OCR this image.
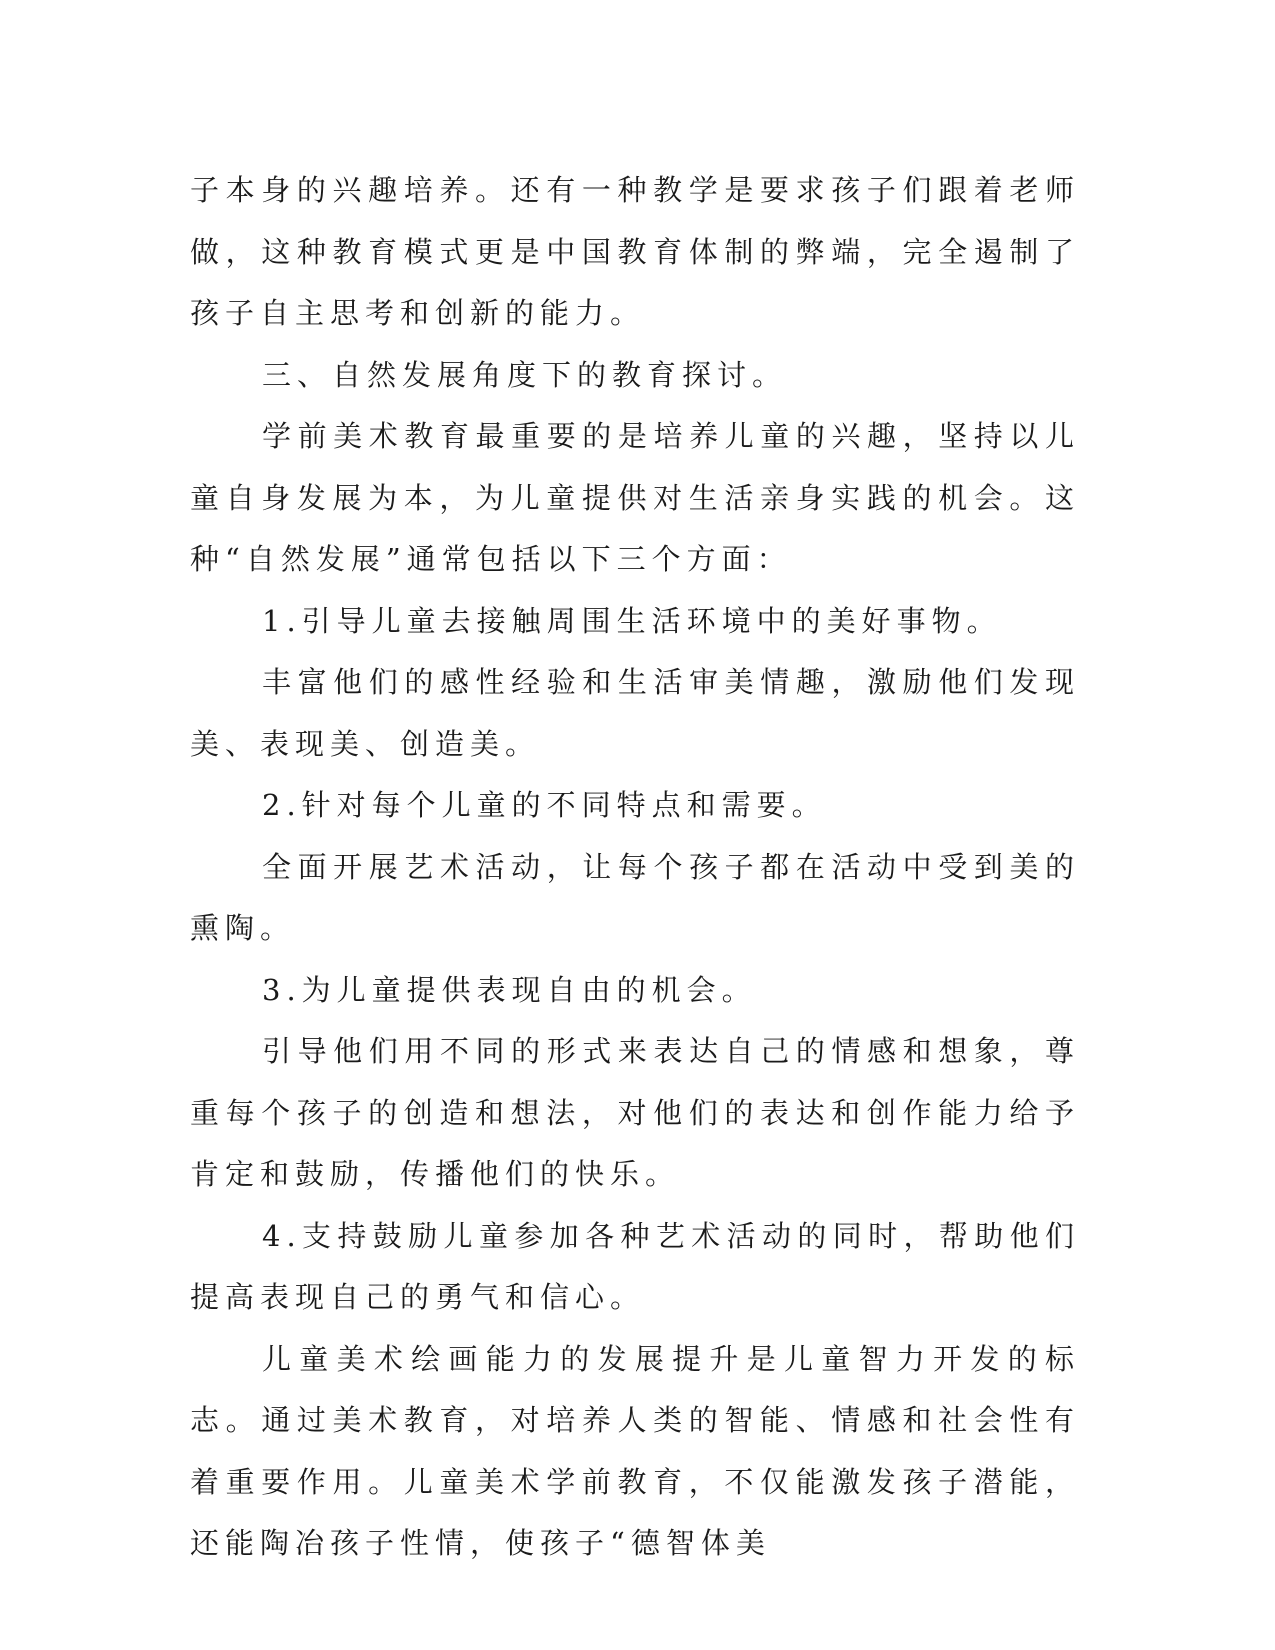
子本身的兴趣培养。还有一种教学是要求孩子们跟着老师做，这种教育模式更是中国教育体制的弊端，完全遏制了孩子自主思考和创新的能力。

三、自然发展角度下的教育探讨。

学前美术教育最重要的是培养儿童的兴趣，坚持以儿童自身发展为本，为儿童提供对生活亲身实践的机会。这种“自然发展”通常包括以下三个方面：

1.引导儿童去接触周围生活环境中的美好事物。

丰富他们的感性经验和生活审美情趣，激励他们发现美、表现美、创造美。

2.针对每个儿童的不同特点和需要。

全面开展艺术活动，让每个孩子都在活动中受到美的熏陶。

3.为儿童提供表现自由的机会。

引导他们用不同的形式来表达自己的情感和想象，尊重每个孩子的创造和想法，对他们的表达和创作能力给予肯定和鼓励，传播他们的快乐。

4.支持鼓励儿童参加各种艺术活动的同时，帮助他们提高表现自己的勇气和信心。

儿童美术绘画能力的发展提升是儿童智力开发的标志。通过美术教育，对培养人类的智能、情感和社会性有着重要作用。儿童美术学前教育，不仅能激发孩子潜能，还能陶冶孩子性情，使孩子“德智体美
